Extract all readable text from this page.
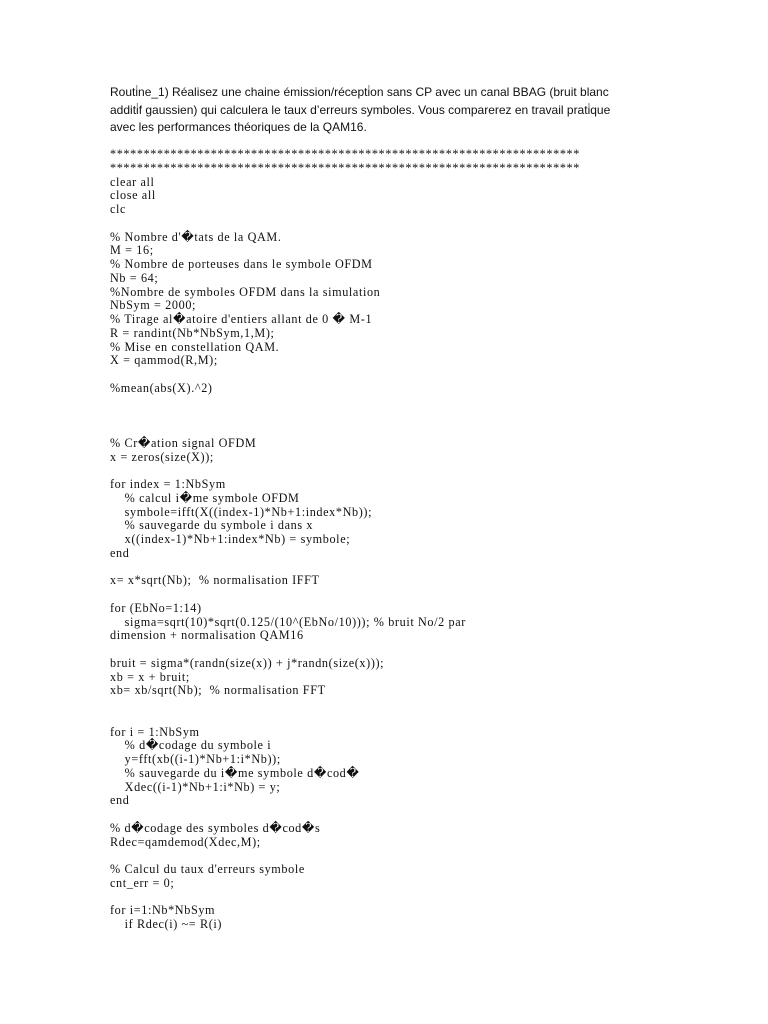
Routi̇ne_1) Réalisez une chaine émission/récepti̇on sans CP avec un canal BBAG (bruit blanc
additi̇f gaussien) qui calculera le taux d’erreurs symboles. Vous comparerez en travail prati̇que
avec les performances théoriques de la QAM16.
**********************************************************************
**********************************************************************
clear all
close all
clc
% Nombre d'�tats de la QAM.
M = 16;
% Nombre de porteuses dans le symbole OFDM
Nb = 64;
%Nombre de symboles OFDM dans la simulation
NbSym = 2000;
% Tirage al�atoire d'entiers allant de 0 � M-1
R = randint(Nb*NbSym,1,M);
% Mise en constellation QAM.
X = qammod(R,M);
%mean(abs(X).^2)
% Cr�ation signal OFDM
x = zeros(size(X));
for index = 1:NbSym
% calcul i�me symbole OFDM
symbole=ifft(X((index-1)*Nb+1:index*Nb));
% sauvegarde du symbole i dans x
x((index-1)*Nb+1:index*Nb) = symbole;
end
x= x*sqrt(Nb);  % normalisation IFFT
for (EbNo=1:14)
sigma=sqrt(10)*sqrt(0.125/(10^(EbNo/10))); % bruit No/2 par
dimension + normalisation QAM16
bruit = sigma*(randn(size(x)) + j*randn(size(x)));
xb = x + bruit;
xb= xb/sqrt(Nb);  % normalisation FFT
for i = 1:NbSym
% d�codage du symbole i
y=fft(xb((i-1)*Nb+1:i*Nb));
% sauvegarde du i�me symbole d�cod�
Xdec((i-1)*Nb+1:i*Nb) = y;
end
% d�codage des symboles d�cod�s
Rdec=qamdemod(Xdec,M);
% Calcul du taux d'erreurs symbole
cnt_err = 0;
for i=1:Nb*NbSym
if Rdec(i) ~= R(i)
